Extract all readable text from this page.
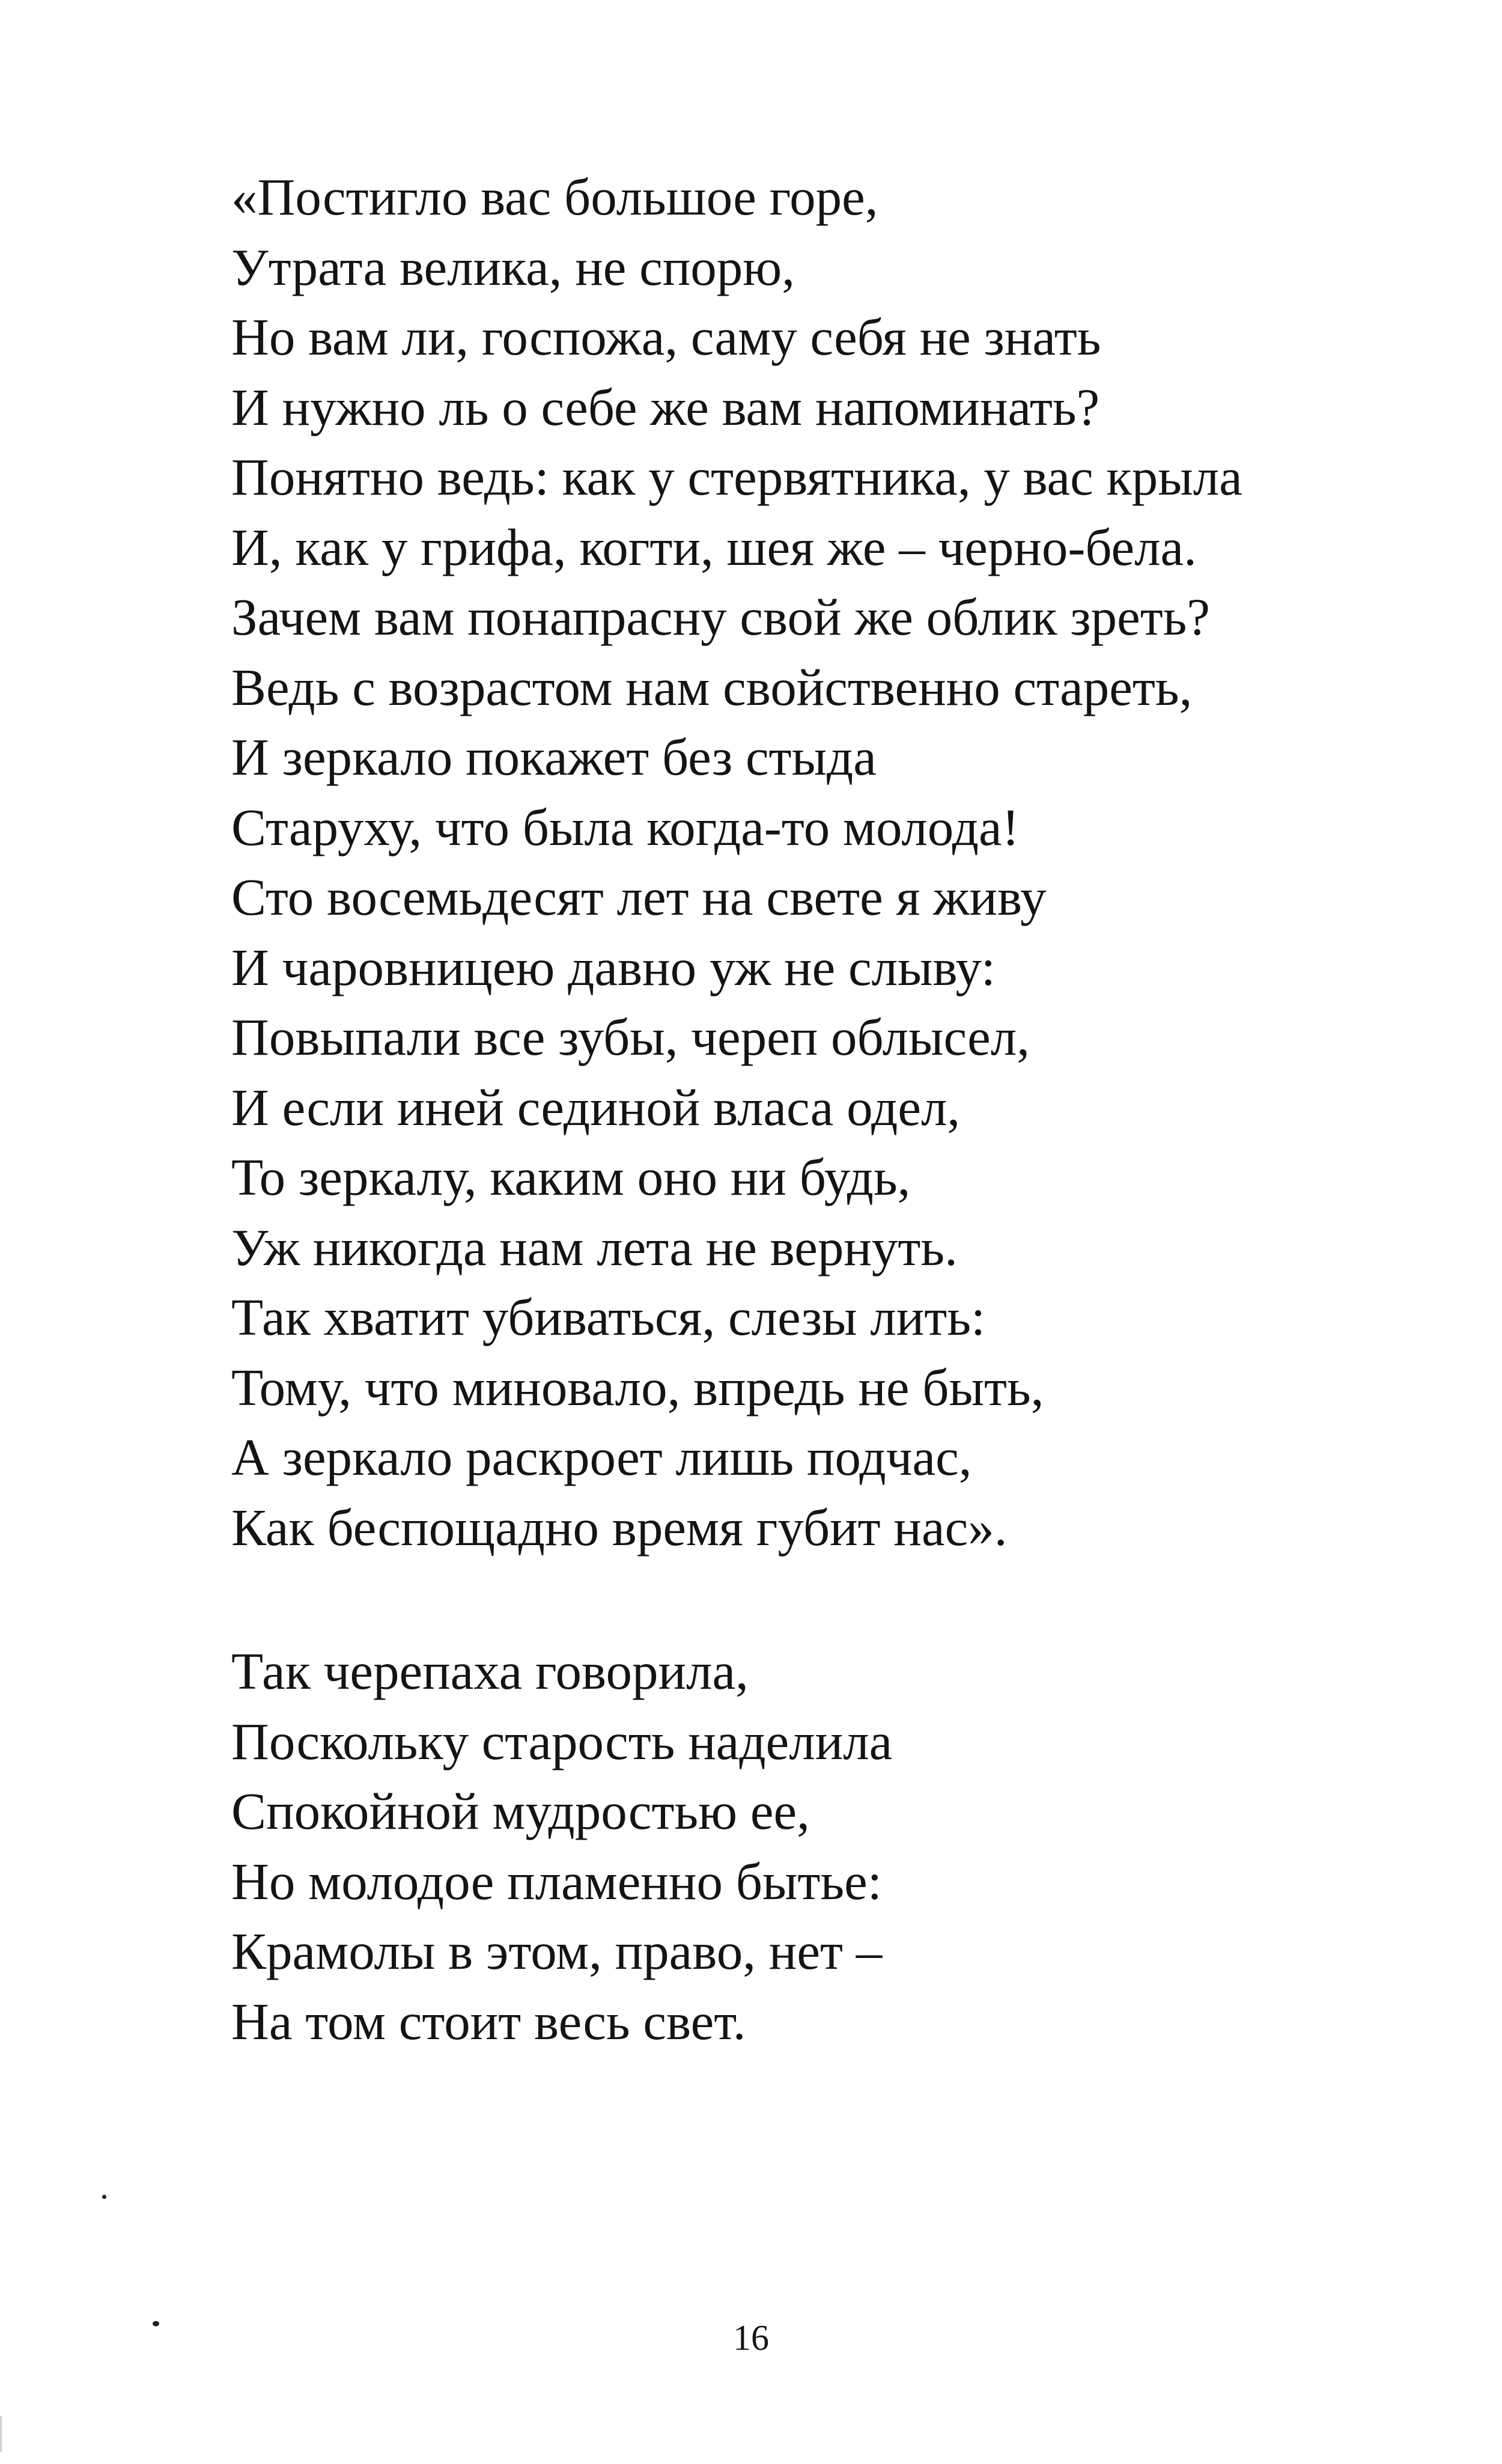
«Постигло вас большое горе,
Утрата велика, не спорю,
Но вам ли, госпожа, саму себя не знать
И нужно ль о себе же вам напоминать?
Понятно ведь: как у стервятника, у вас крыла
И, как у грифа, когти, шея же – черно-бела.
Зачем вам понапрасну свой же облик зреть?
Ведь с возрастом нам свойственно стареть,
И зеркало покажет без стыда
Старуху, что была когда-то молода!
Сто восемьдесят лет на свете я живу
И чаровницею давно уж не слыву:
Повыпали все зубы, череп облысел,
И если иней сединой власа одел,
То зеркалу, каким оно ни будь,
Уж никогда нам лета не вернуть.
Так хватит убиваться, слезы лить:
Тому, что миновало, впредь не быть,
А зеркало раскроет лишь подчас,
Как беспощадно время губит нас».
Так черепаха говорила,
Поскольку старость наделила
Спокойной мудростью ее,
Но молодое пламенно бытье:
Крамолы в этом, право, нет –
На том стоит весь свет.
16
